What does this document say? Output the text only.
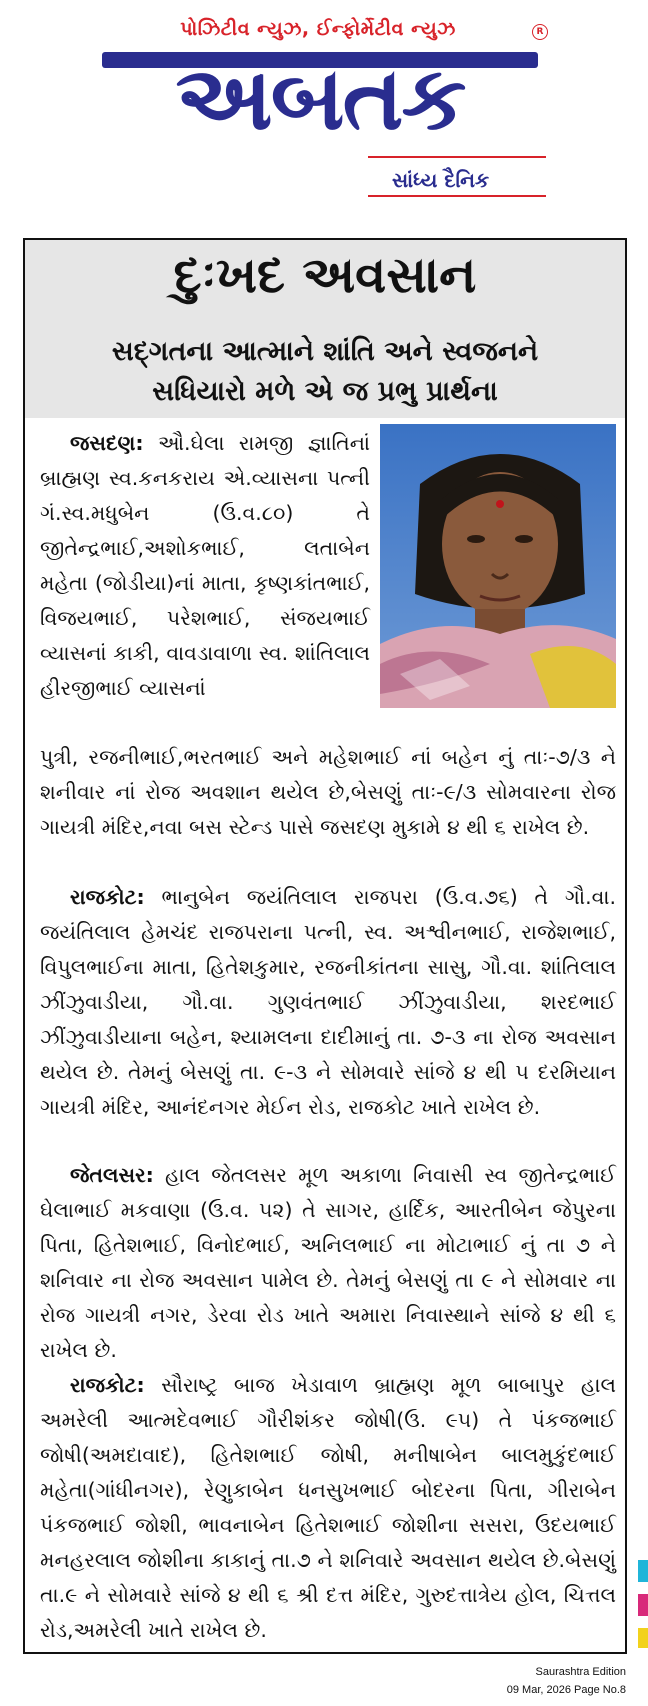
પોઝિટીવ ન્યુઝ, ઈન્ફોર્મેટીવ ન્યુઝ	R
અબતક
સાંધ્ય દૈનિક
દુઃખદ અવસાન
સદ્ગતના આત્માને શાંતિ અને સ્વજનને
સધિયારો મળે એ જ પ્રભુ પ્રાર્થના
જસદણ: ઔ.ઘેલા રામજી જ્ઞાતિનાં બ્રાહ્મણ સ્વ.કનકરાય એ.વ્યાસના પત્ની ગં.સ્વ.મધુબેન (ઉ.વ.૮૦) તે જીતેન્દ્રભાઈ,અશોકભાઈ, લતાબેન મહેતા (જોડીયા)નાં માતા, કૃષ્ણકાંતભાઈ, વિજયભાઈ, પરેશભાઈ, સંજયભાઈ વ્યાસનાં કાકી, વાવડાવાળા સ્વ. શાંતિલાલ હીરજીભાઈ વ્યાસનાં
પુત્રી, રજનીભાઈ,ભરતભાઈ અને મહેશભાઈ નાં બહેન નું તાઃ-૭/૩ ને શનીવાર નાં રોજ અવશાન થયેલ છે,બેસણું તાઃ-૯/૩ સોમવારના રોજ ગાયત્રી મંદિર,નવા બસ સ્ટેન્ડ પાસે જસદણ મુકામે ૪ થી ૬ રાખેલ છે.
રાજકોટ: ભાનુબેન જયંતિલાલ રાજપરા (ઉ.વ.૭૬) તે ગૌ.વા. જયંતિલાલ હેમચંદ રાજપરાના પત્ની, સ્વ. અશ્વીનભાઈ, રાજેશભાઈ, વિપુલભાઈના માતા, હિતેશકુમાર, રજનીકાંતના સાસુ, ગૌ.વા. શાંતિલાલ ઝીંઝુવાડીયા, ગૌ.વા. ગુણવંતભાઈ ઝીંઝુવાડીયા, શરદભાઈ ઝીંઝુવાડીયાના બહેન, શ્યામલના દાદીમાનું તા. ૭-૩ ના રોજ અવસાન થયેલ છે. તેમનું બેસણું તા. ૯-૩ ને સોમવારે સાંજે ૪ થી ૫ દરમિયાન ગાયત્રી મંદિર, આનંદનગર મેઈન રોડ, રાજકોટ ખાતે રાખેલ છે.
જેતલસર: હાલ જેતલસર મૂળ અકાળા નિવાસી સ્વ જીતેન્દ્રભાઈ ઘેલાભાઈ મકવાણા (ઉ.વ. ૫૨) તે સાગર, હાર્દિક, આરતીબેન જેપુરના પિતા, હિતેશભાઈ, વિનોદભાઈ, અનિલભાઈ ના મોટાભાઈ નું તા ૭ ને શનિવાર ના રોજ અવસાન પામેલ છે. તેમનું બેસણું તા ૯ ને સોમવાર ના રોજ ગાયત્રી નગર, ડેરવા રોડ ખાતે અમારા નિવાસ્થાને સાંજે ૪ થી ૬ રાખેલ છે.
રાજકોટ: સૌરાષ્ટ્ર બાજ ખેડાવાળ બ્રાહ્મણ મૂળ બાબાપુર હાલ અમરેલી આત્મદેવભાઈ ગૌરીશંકર જોષી(ઉ. ૯૫) તે પંકજભાઈ જોષી(અમદાવાદ), હિતેશભાઈ જોષી, મનીષાબેન બાલમુકુંદભાઈ મહેતા(ગાંધીનગર), રેણુકાબેન ધનસુખભાઈ બોદરના પિતા, ગીરાબેન પંકજભાઈ જોશી, ભાવનાબેન હિતેશભાઈ જોશીના સસરા, ઉદયભાઈ મનહરલાલ જોશીના કાકાનું તા.૭ ને શનિવારે અવસાન થયેલ છે.બેસણું તા.૯ ને સોમવારે સાંજે ૪ થી ૬ શ્રી દત્ત મંદિર, ગુરુદત્તાત્રેય હોલ, ચિત્તલ રોડ,અમરેલી ખાતે રાખેલ છે.
Saurashtra Edition
09 Mar, 2026 Page No.8
